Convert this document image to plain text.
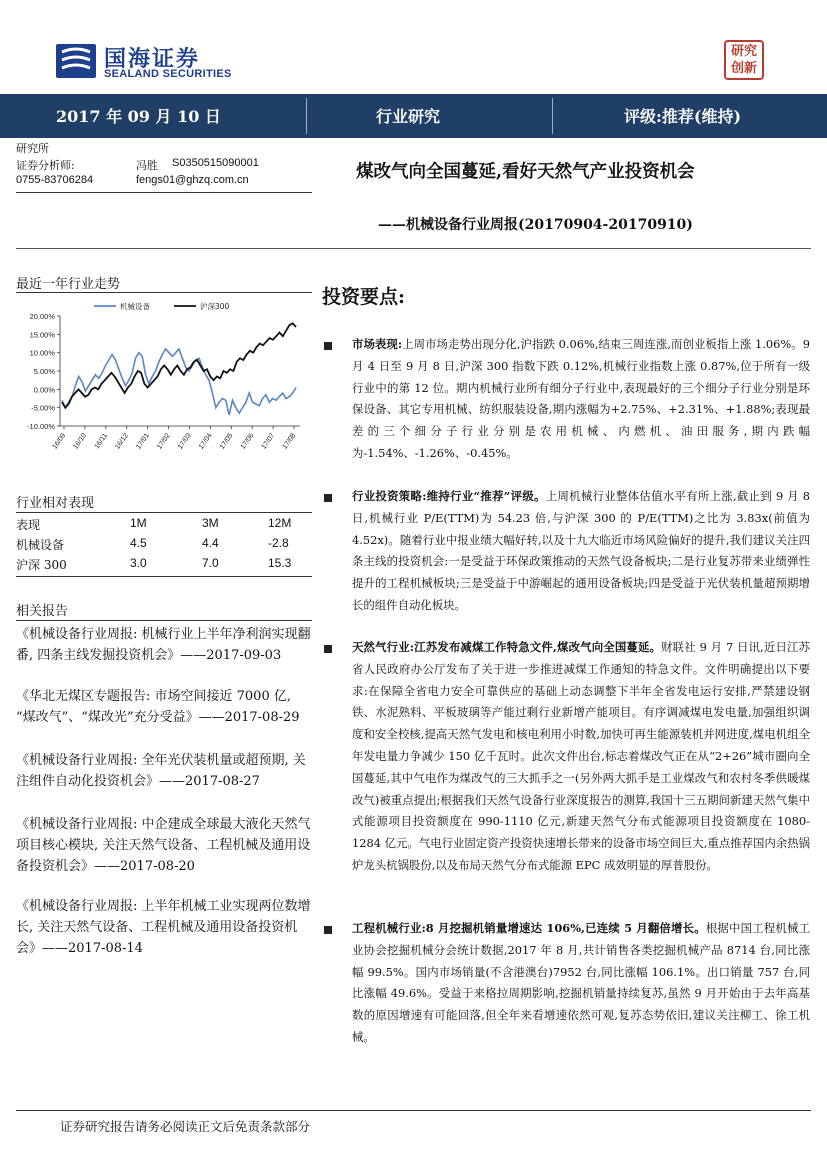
国海证券
SEALAND SECURITIES
研究
创新
2017 年 09 月 10 日	行业研究	评级:推荐(维持)
研究所
证券分析师:	冯胜 S0350515090001
0755-83706284	fengs01@ghzq.com.cn	煤改气向全国蔓延,看好天然气产业投资机会
——机械设备行业周报(20170904-20170910)
最近一年行业走势
20.00%
15.00%
10.00%
5.00%
0.00%
-5.00%
-10.00%
16/09 16/10 16/11 16/12 17/01 17/02 17/03 17/04 17/05 17/06 17/07 17/08
机械设备	沪深300
行业相对表现
表现	1M	3M	12M
机械设备	4.5	4.4	-2.8
沪深 300	3.0	7.0	15.3
相关报告
《机械设备行业周报: 机械行业上半年净利润实现翻番, 四条主线发掘投资机会》——2017-09-03
《华北无煤区专题报告: 市场空间接近 7000 亿, “煤改气”、“煤改光”充分受益》——2017-08-29
《机械设备行业周报: 全年光伏装机量或超预期, 关注组件自动化投资机会》——2017-08-27
《机械设备行业周报: 中企建成全球最大液化天然气项目核心模块, 关注天然气设备、工程机械及通用设备投资机会》——2017-08-20
《机械设备行业周报: 上半年机械工业实现两位数增长, 关注天然气设备、工程机械及通用设备投资机会》——2017-08-14
投资要点:
市场表现:上周市场走势出现分化,沪指跌 0.06%,结束三周连涨,而创业板指上涨 1.06%。9 月 4 日至 9 月 8 日,沪深 300 指数下跌 0.12%,机械行业指数上涨 0.87%,位于所有一级行业中的第 12 位。期内机械行业所有细分子行业中,表现最好的三个细分子行业分别是环保设备、其它专用机械、纺织服装设备,期内涨幅为+2.75%、+2.31%、+1.88%;表现最差的三个细分子行业分别是农用机械、内燃机、油田服务,期内跌幅为-1.54%、-1.26%、-0.45%。
行业投资策略:维持行业“推荐”评级。上周机械行业整体估值水平有所上涨,截止到 9 月 8 日,机械行业 P/E(TTM)为 54.23 倍,与沪深 300 的 P/E(TTM)之比为 3.83x(前值为 4.52x)。随着行业中报业绩大幅好转,以及十九大临近市场风险偏好的提升,我们建议关注四条主线的投资机会:一是受益于环保政策推动的天然气设备板块;二是行业复苏带来业绩弹性提升的工程机械板块;三是受益于中游崛起的通用设备板块;四是受益于光伏装机量超预期增长的组件自动化板块。
天然气行业:江苏发布减煤工作特急文件,煤改气向全国蔓延。财联社 9 月 7 日讯,近日江苏省人民政府办公厅发布了关于进一步推进减煤工作通知的特急文件。文件明确提出以下要求:在保障全省电力安全可靠供应的基础上动态调整下半年全省发电运行安排,严禁建设钢铁、水泥熟料、平板玻璃等产能过剩行业新增产能项目。有序调减煤电发电量,加强组织调度和安全校核,提高天然气发电和核电利用小时数,加快可再生能源装机并网进度,煤电机组全年发电量力争减少 150 亿千瓦时。此次文件出台,标志着煤改气正在从“2+26”城市圈向全国蔓延,其中气电作为煤改气的三大抓手之一(另外两大抓手是工业煤改气和农村冬季供暖煤改气)被重点提出;根据我们天然气设备行业深度报告的测算,我国十三五期间新建天然气集中式能源项目投资额度在 990-1110 亿元,新建天然气分布式能源项目投资额度在 1080-1284 亿元。气电行业固定资产投资快速增长带来的设备市场空间巨大,重点推荐国内余热锅炉龙头杭锅股份,以及布局天然气分布式能源 EPC 成效明显的厚普股份。
工程机械行业:8 月挖掘机销量增速达 106%,已连续 5 月翻倍增长。根据中国工程机械工业协会挖掘机械分会统计数据,2017 年 8 月,共计销售各类挖掘机械产品 8714 台,同比涨幅 99.5%。国内市场销量(不含港澳台)7952 台,同比涨幅 106.1%。出口销量 757 台,同比涨幅 49.6%。受益于来格拉周期影响,挖掘机销量持续复苏,虽然 9 月开始由于去年高基数的原因增速有可能回落,但全年来看增速依然可观,复苏态势依旧,建议关注柳工、徐工机械。
证券研究报告请务必阅读正文后免责条款部分
